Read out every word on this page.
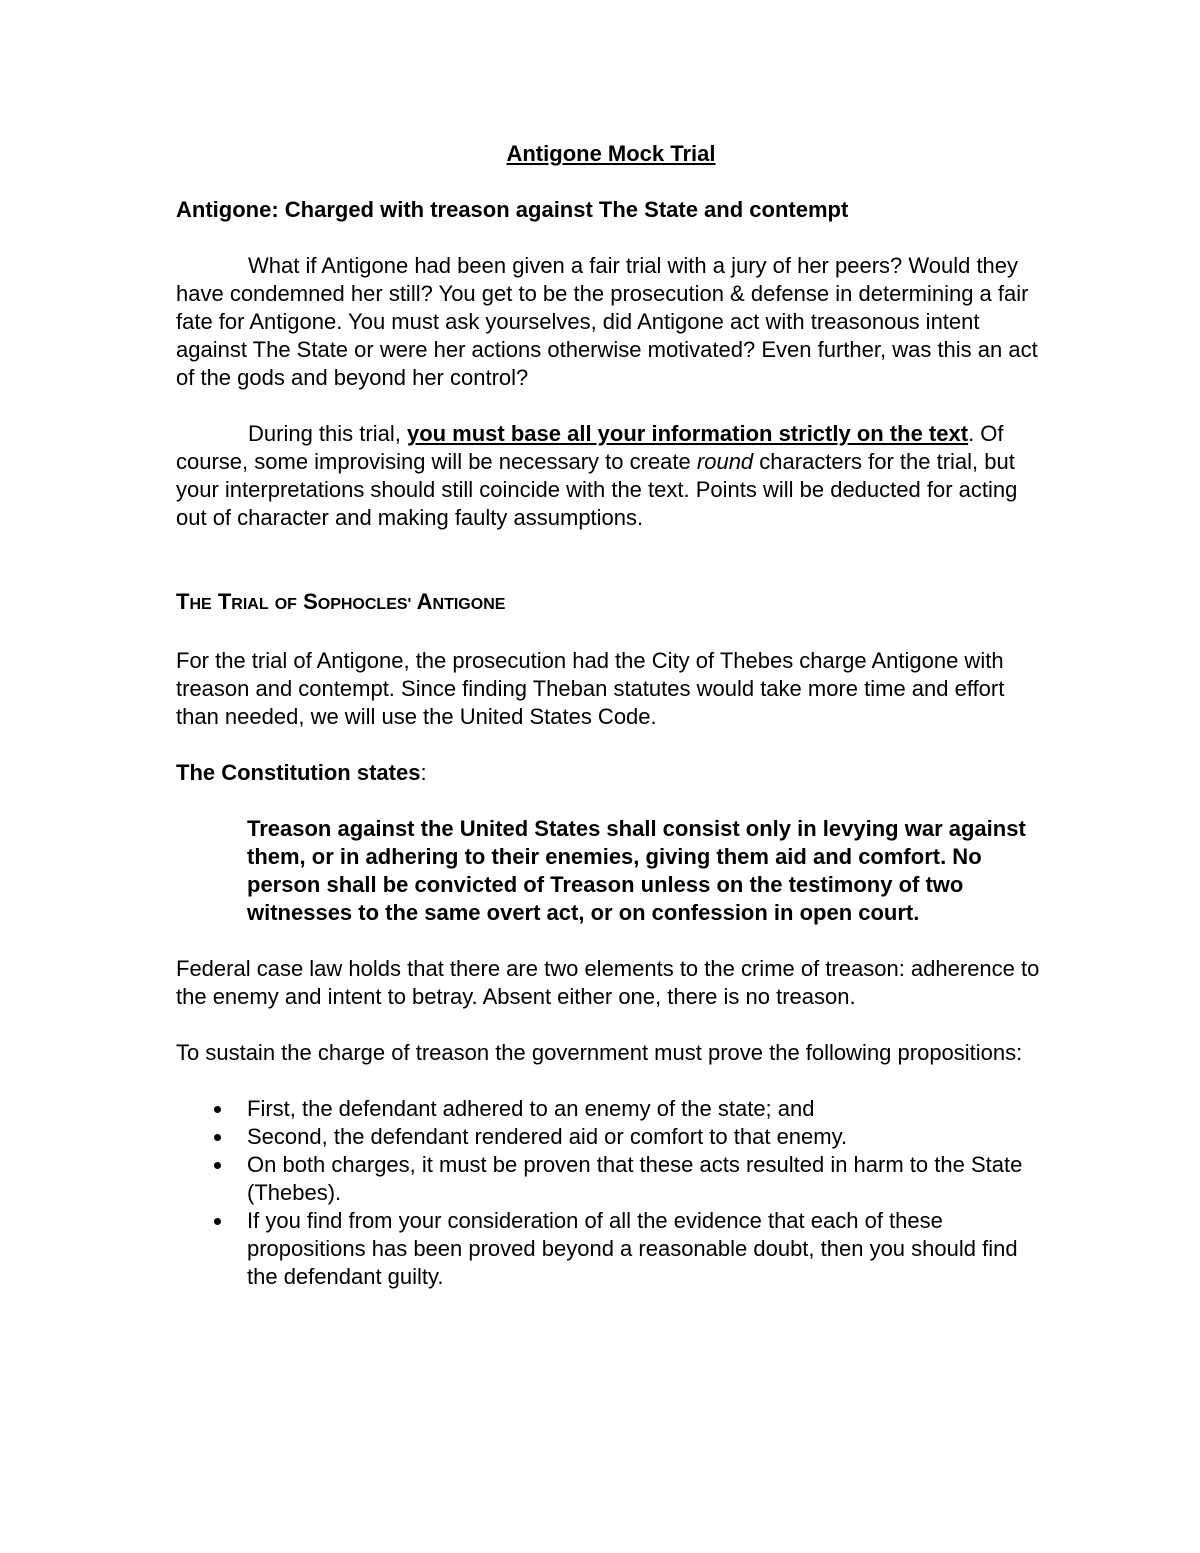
Antigone Mock Trial

Antigone: Charged with treason against The State and contempt

What if Antigone had been given a fair trial with a jury of her peers? Would they have condemned her still? You get to be the prosecution & defense in determining a fair fate for Antigone. You must ask yourselves, did Antigone act with treasonous intent against The State or were her actions otherwise motivated? Even further, was this an act of the gods and beyond her control?

During this trial, you must base all your information strictly on the text. Of course, some improvising will be necessary to create round characters for the trial, but your interpretations should still coincide with the text. Points will be deducted for acting out of character and making faulty assumptions.

THE TRIAL OF SOPHOCLES' ANTIGONE

For the trial of Antigone, the prosecution had the City of Thebes charge Antigone with treason and contempt. Since finding Theban statutes would take more time and effort than needed, we will use the United States Code.

The Constitution states:

Treason against the United States shall consist only in levying war against them, or in adhering to their enemies, giving them aid and comfort. No person shall be convicted of Treason unless on the testimony of two witnesses to the same overt act, or on confession in open court.

Federal case law holds that there are two elements to the crime of treason: adherence to the enemy and intent to betray. Absent either one, there is no treason.

To sustain the charge of treason the government must prove the following propositions:

First, the defendant adhered to an enemy of the state; and
Second, the defendant rendered aid or comfort to that enemy.
On both charges, it must be proven that these acts resulted in harm to the State (Thebes).
If you find from your consideration of all the evidence that each of these propositions has been proved beyond a reasonable doubt, then you should find the defendant guilty.
